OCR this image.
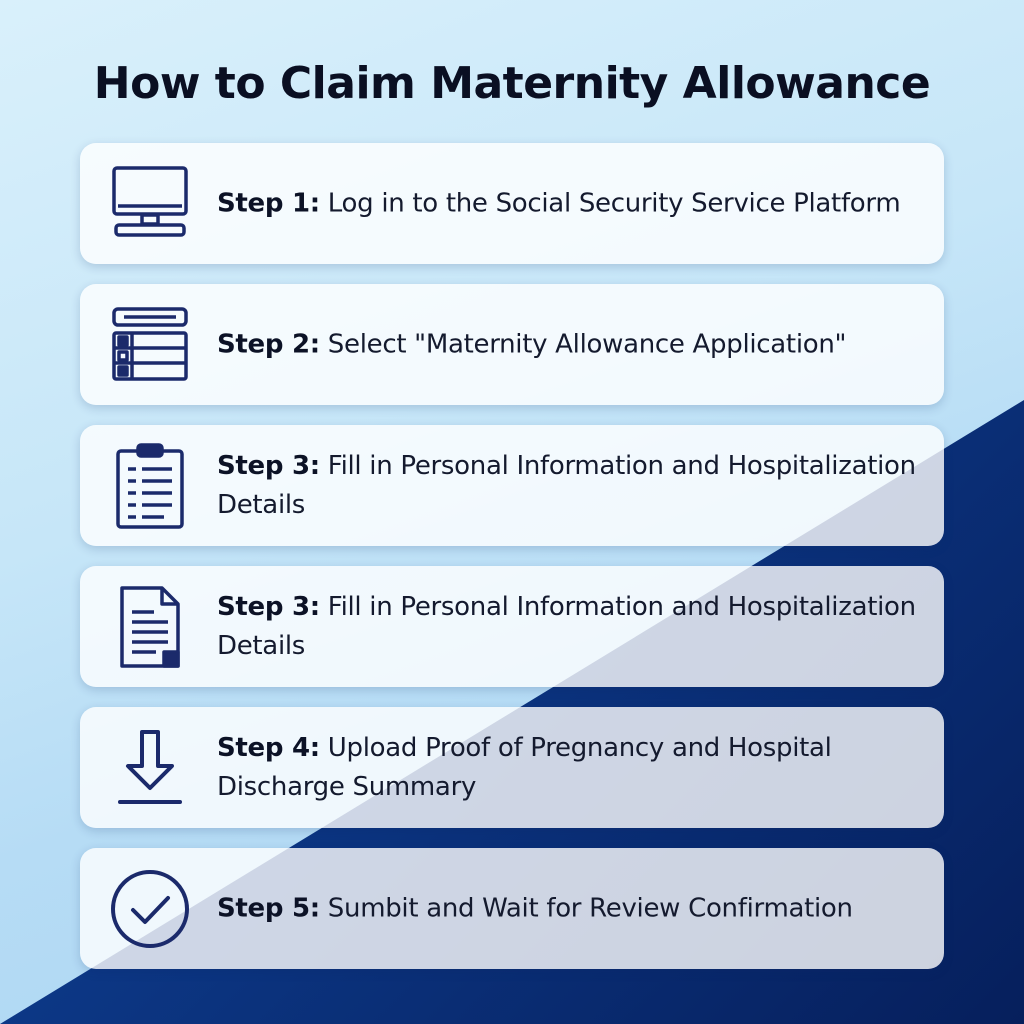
How to Claim Maternity Allowance
Step 1: Log in to the Social Security Service Platform
Step 2: Select "Maternity Allowance Application"
Step 3: Fill in Personal Information and Hospitalization Details
Step 3: Fill in Personal Information and Hospitalization Details
Step 4: Upload Proof of Pregnancy and Hospital Discharge Summary
Step 5: Sumbit and Wait for Review Confirmation
